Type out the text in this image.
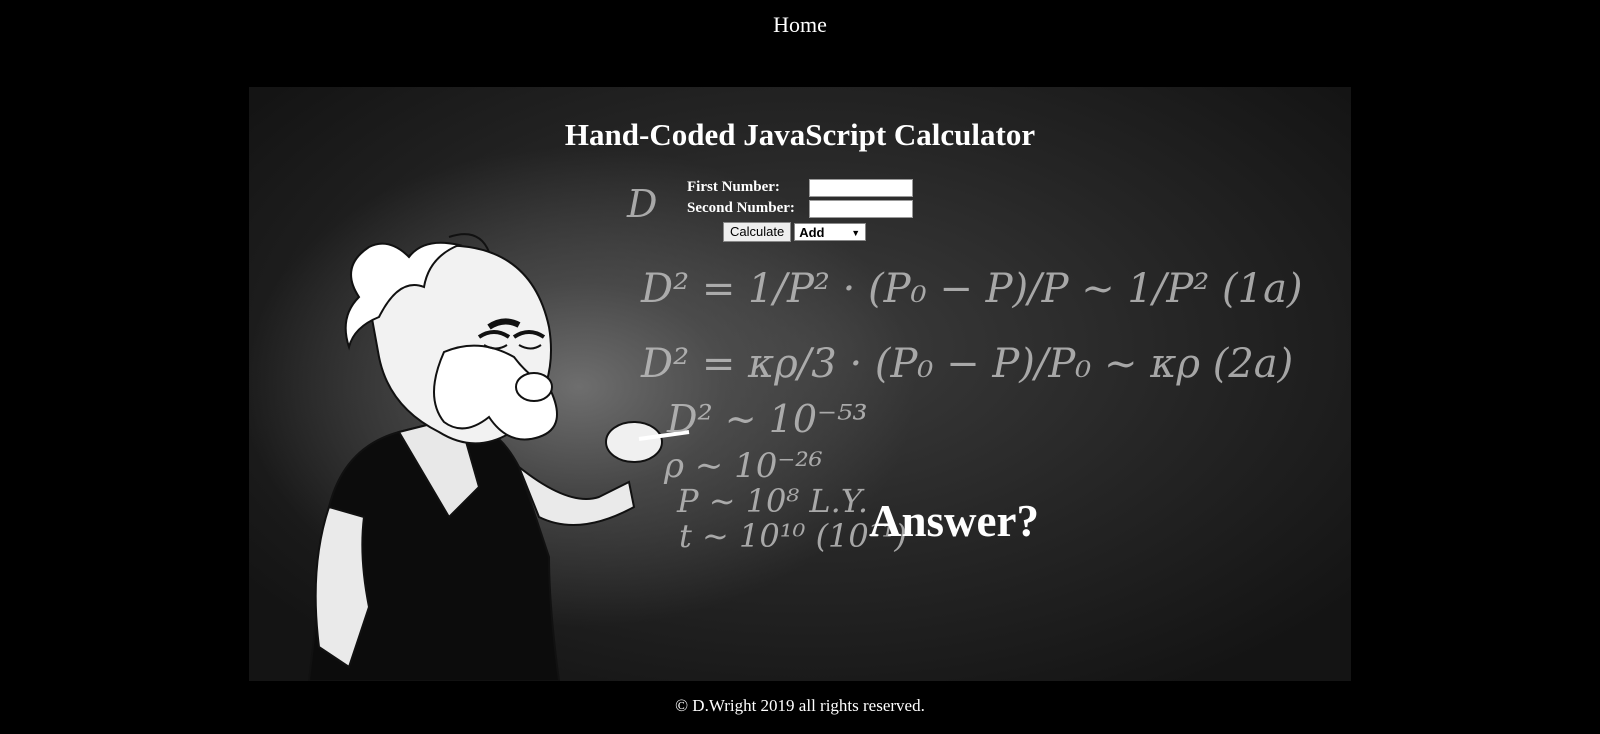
Home
D
D² = 1/P² · (P₀ − P)/P ∼ 1/P² (1a)
D² = κρ/3 · (P₀ − P)/P₀ ∼ κρ (2a)
D² ∼ 10⁻⁵³
ρ ∼ 10⁻²⁶
P ∼ 10⁸ L.Y.
t ∼ 10¹⁰ (10¹¹)
Hand-Coded JavaScript Calculator
First Number:
Second Number:
Calculate	Add	▼
Answer?
© D.Wright 2019 all rights reserved.
